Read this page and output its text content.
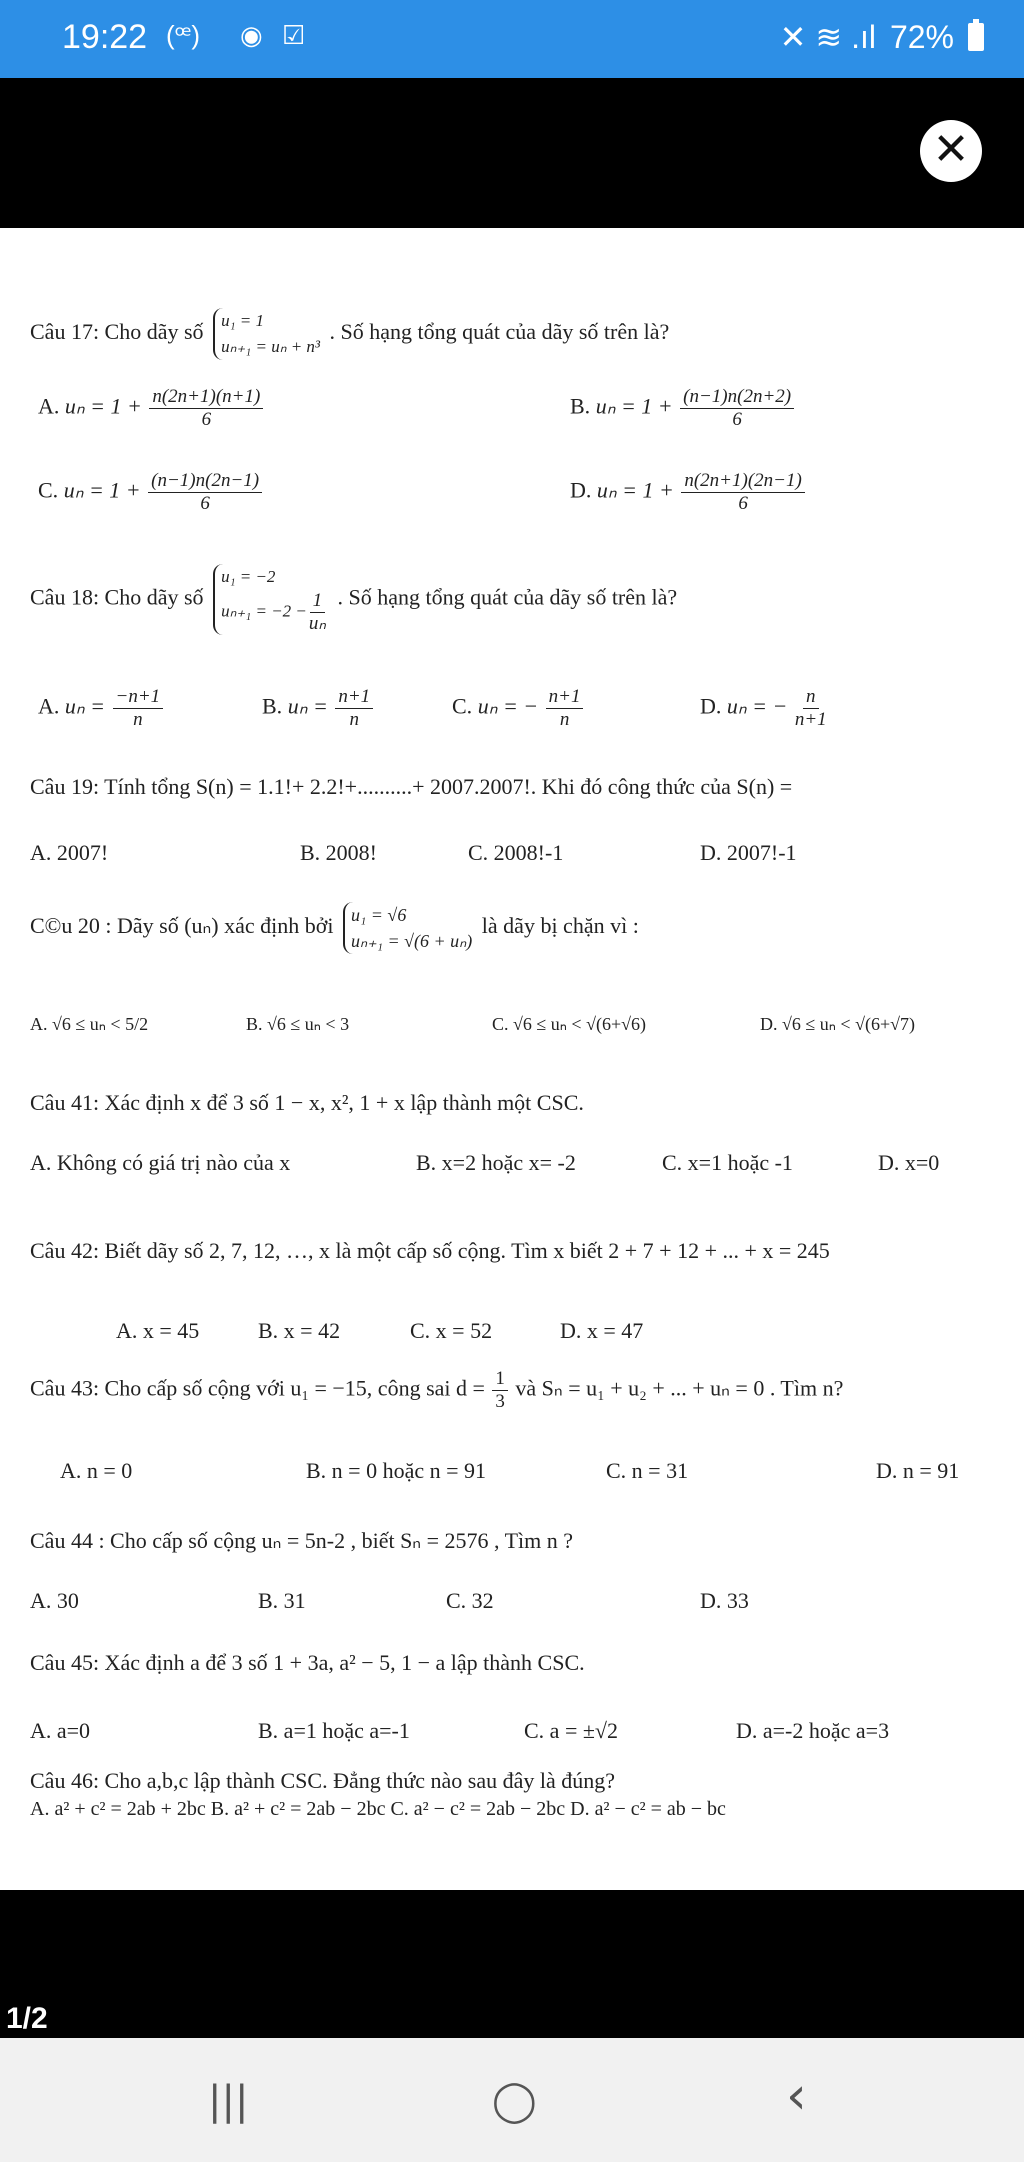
19:22 (ꟹ) ◉ ☑	✕ ≋ .ıl 72%
✕
Câu 17: Cho dãy số u₁ = 1
uₙ₊₁ = uₙ + n³
. Số hạng tổng quát của dãy số trên là?
A. $u_n = 1 + \frac{n(2n+1)(n+1)}{6}$	B. $u_n = 1 + \frac{(n-1)n(2n+2)}{6}$
C. $u_n = 1 + \frac{(n-1)n(2n-1)}{6}$	D. $u_n = 1 + \frac{n(2n+1)(2n-1)}{6}$
Câu 18: Cho dãy số
u₁ = −2
$u_{n+1} = -2 - \frac{1}{\text{uₙ}}$ . Số hạng tổng quát của dãy số trên là?
A. $u_n = \frac{-n+1}{n}$	B. $u_n = \frac{n+1}{n}$	C. uₙ = − $\frac{n+1}{n}$	D. uₙ = − $\frac{n}{n+1}$
Câu 19: Tính tổng S(n) = 1.1!+ 2.2!+..........+ 2007.2007!. Khi đó công thức của S(n) =
A. 2007!	B. 2008!	C. 2008!-1	D. 2007!-1
C©u 20 : Dãy số (uₙ) xác định bởi u₁ = √6
uₙ₊₁ = √(6 + uₙ)
là dãy bị chặn vì :
A. √6 ≤ uₙ < 5/2	B. √6 ≤ uₙ < 3	C. √6 ≤ uₙ < √(6+√6)	D. √6 ≤ uₙ < √(6+√7)
Câu 41: Xác định x để 3 số 1 − x, x², 1 + x lập thành một CSC.
A. Không có giá trị nào của x	B. x=2 hoặc x= -2	C. x=1 hoặc -1	D. x=0
Câu 42: Biết dãy số 2, 7, 12, …, x là một cấp số cộng. Tìm x biết 2 + 7 + 12 + ... + x = 245
A. x = 45	B. x = 42	C. x = 52	D. x = 47
Câu 43: Cho cấp số cộng với u₁ = −15, công sai $d = \frac{1}{3}$ và Sₙ = u₁ + u₂ + ... + uₙ = 0 . Tìm n?
A. n = 0	B. n = 0 hoặc n = 91	C. n = 31	D. n = 91
Câu 44 : Cho cấp số cộng uₙ = 5n-2 , biết Sₙ = 2576 , Tìm n ?
A. 30	B. 31	C. 32	D. 33
Câu 45: Xác định a để 3 số 1 + 3a, a² − 5, 1 − a lập thành CSC.
A. a=0	B. a=1 hoặc a=-1	C. a = ±√2	D. a=-2 hoặc a=3
Câu 46: Cho a,b,c lập thành CSC. Đẳng thức nào sau đây là đúng?
A. a² + c² = 2ab + 2bc B. a² + c² = 2ab − 2bc C. a² − c² = 2ab − 2bc D. a² − c² = ab − bc
1/2
|||	◯	‹
